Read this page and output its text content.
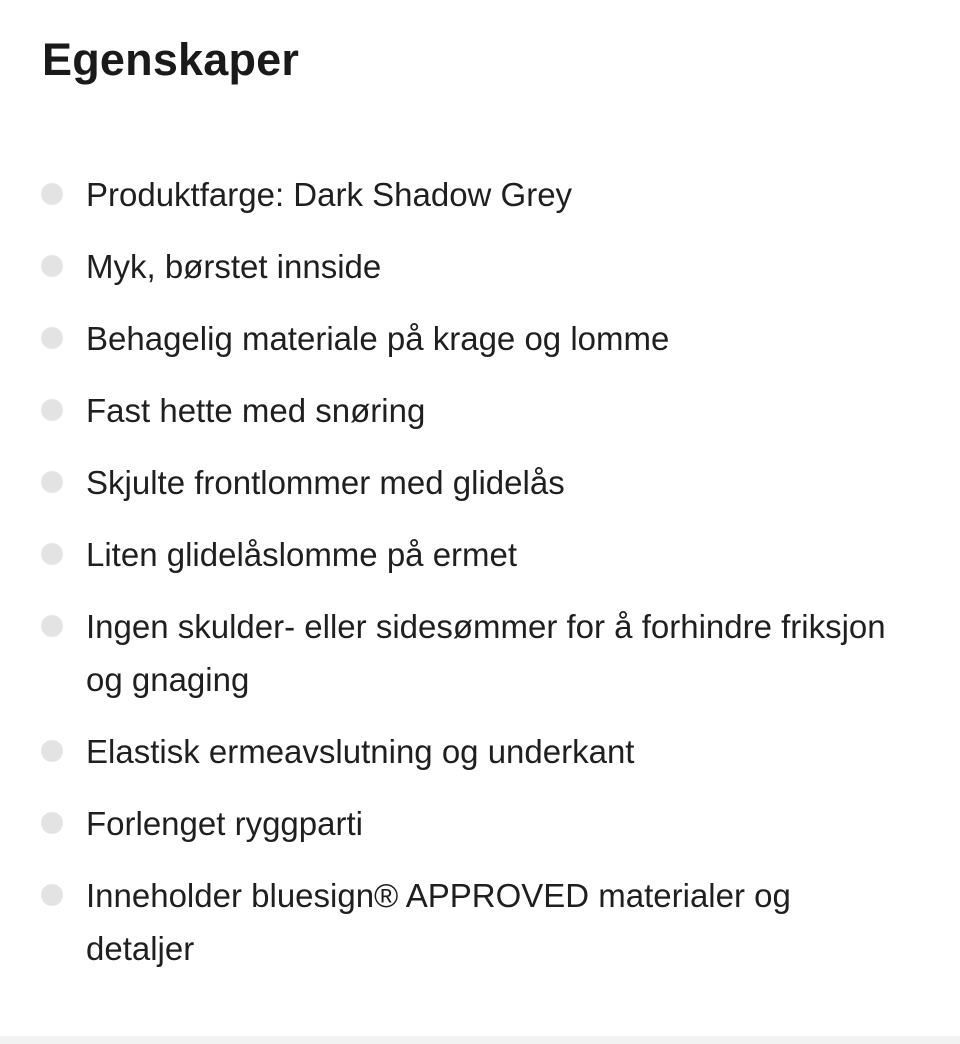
Egenskaper
Produktfarge: Dark Shadow Grey
Myk, børstet innside
Behagelig materiale på krage og lomme
Fast hette med snøring
Skjulte frontlommer med glidelås
Liten glidelåslomme på ermet
Ingen skulder- eller sidesømmer for å forhindre friksjon og gnaging
Elastisk ermeavslutning og underkant
Forlenget ryggparti
Inneholder bluesign® APPROVED materialer og detaljer
